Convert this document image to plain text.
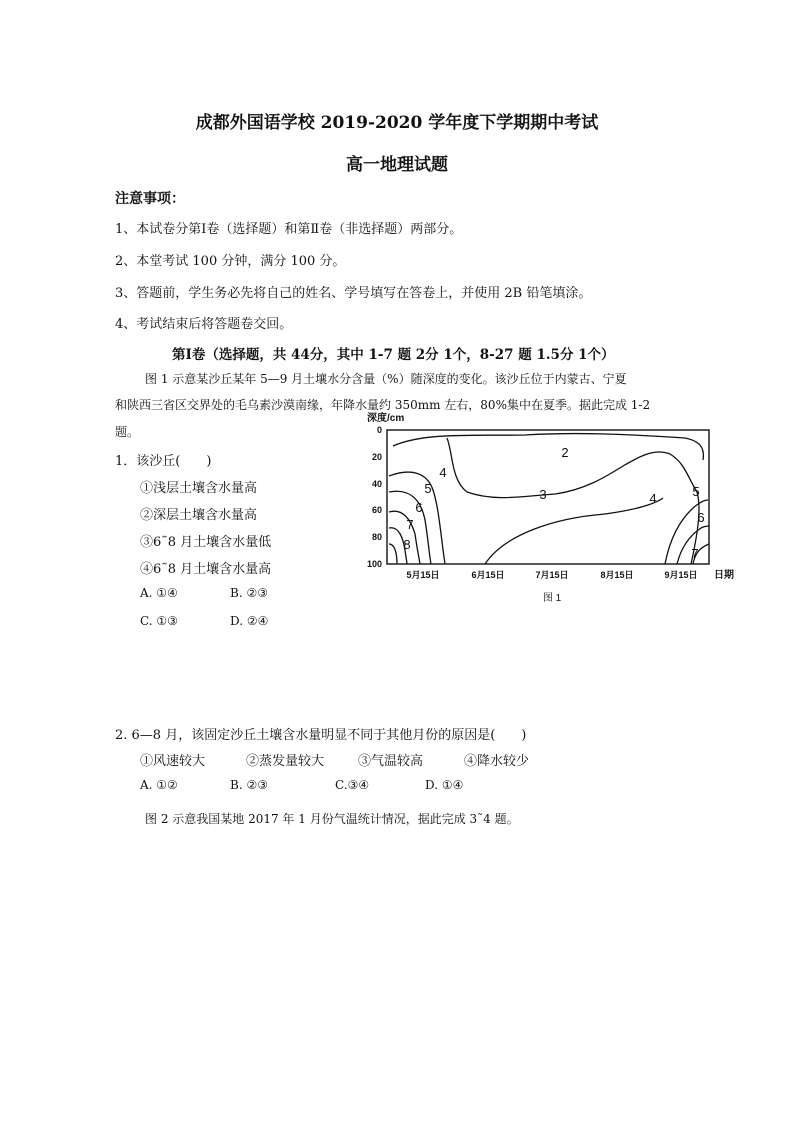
成都外国语学校 2019-2020 学年度下学期期中考试
高一地理试题
注意事项：
1、本试卷分第Ⅰ卷（选择题）和第Ⅱ卷（非选择题）两部分。
2、本堂考试 100 分钟，满分 100 分。
3、答题前，学生务必先将自己的姓名、学号填写在答卷上，并使用 2B 铅笔填涂。
4、考试结束后将答题卷交回。
第Ⅰ卷（选择题，共 44分，其中 1-7 题 2分 1个，8-27 题 1.5分 1个）
图 1 示意某沙丘某年 5—9 月土壤水分含量（%）随深度的变化。该沙丘位于内蒙古、宁夏
和陕西三省区交界处的毛乌素沙漠南缘，年降水量约 350mm 左右，80%集中在夏季。据此完成 1-2
题。
1．该沙丘(　　)
①浅层土壤含水量高
②深层土壤含水量高
③6˜8 月土壤含水量低
④6˜8 月土壤含水量高
A. ①④	B. ②③
C. ①③	D. ②④
深度/cm
日期
0
20
40
60
80
100
5月15日	6月15日	7月15日	8月15日	9月15日
2
3
4
4
5	5
6
6
7
7
8
图 1
2. 6—8 月，该固定沙丘土壤含水量明显不同于其他月份的原因是(　　)
①风速较大	②蒸发量较大	③气温较高	④降水较少
A. ①②	B. ②③	C.③④	D. ①④
图 2 示意我国某地 2017 年 1 月份气温统计情况，据此完成 3˜4 题。
